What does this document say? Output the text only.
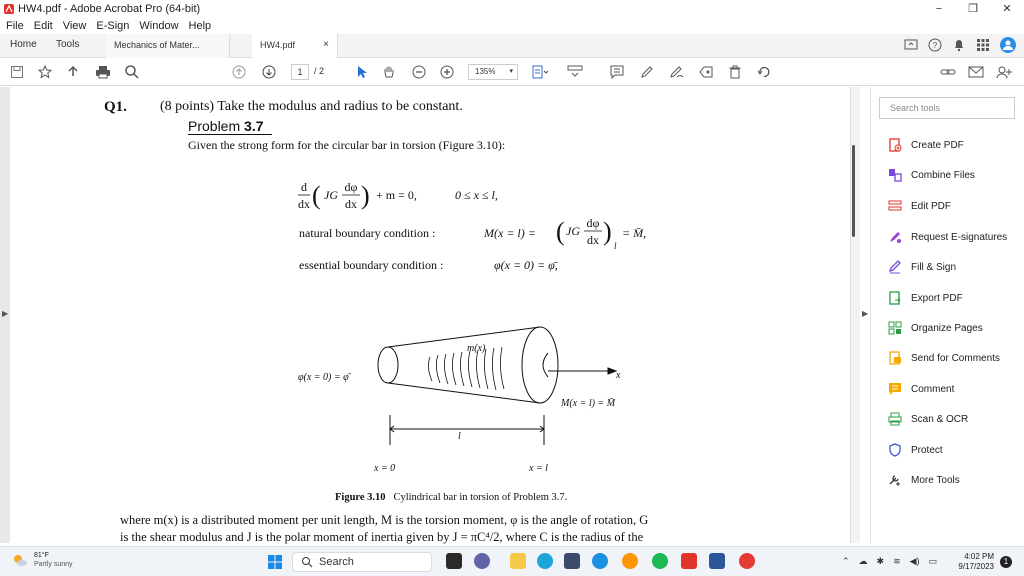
HW4.pdf - Adobe Acrobat Pro (64-bit)	−	❐	✕
File Edit View E-Sign Window Help
Home Tools	Mechanics of Mater...	HW4.pdf	×	?
1	/ 2	135% ▾
▶
Q1. (8 points) Take the modulus and radius to be constant.
Problem 3.7
Given the strong form for the circular bar in torsion (Figure 3.10):
d
dx ( JG
dφ
dx ) + m = 0,	0 ≤ x ≤ l,
natural boundary condition :	M(x = l) = ( JG
dφ
dx ) l
= M̄,
essential boundary condition :	φ(x = 0) = φ̄,
m(x)
φ(x = 0) = φ̄	x
M(x = l) = M̄
l
x = 0	x = l
Figure 3.10 Cylindrical bar in torsion of Problem 3.7.
where m(x) is a distributed moment per unit length, M is the torsion moment, φ is the angle of rotation, G
is the shear modulus and J is the polar moment of inertia given by J = πC⁴/2, where C is the radius of the
▶
Search tools
Create PDF
Combine Files
Edit PDF
Request E-signatures
Fill & Sign
Export PDF
Organize Pages
Send for Comments
Comment
Scan & OCR
Protect
More Tools
81°F
Partly sunny	Search	⌃ ☁ ✱ ≋ ◀) ▭	4:02 PM
9/17/2023
1
